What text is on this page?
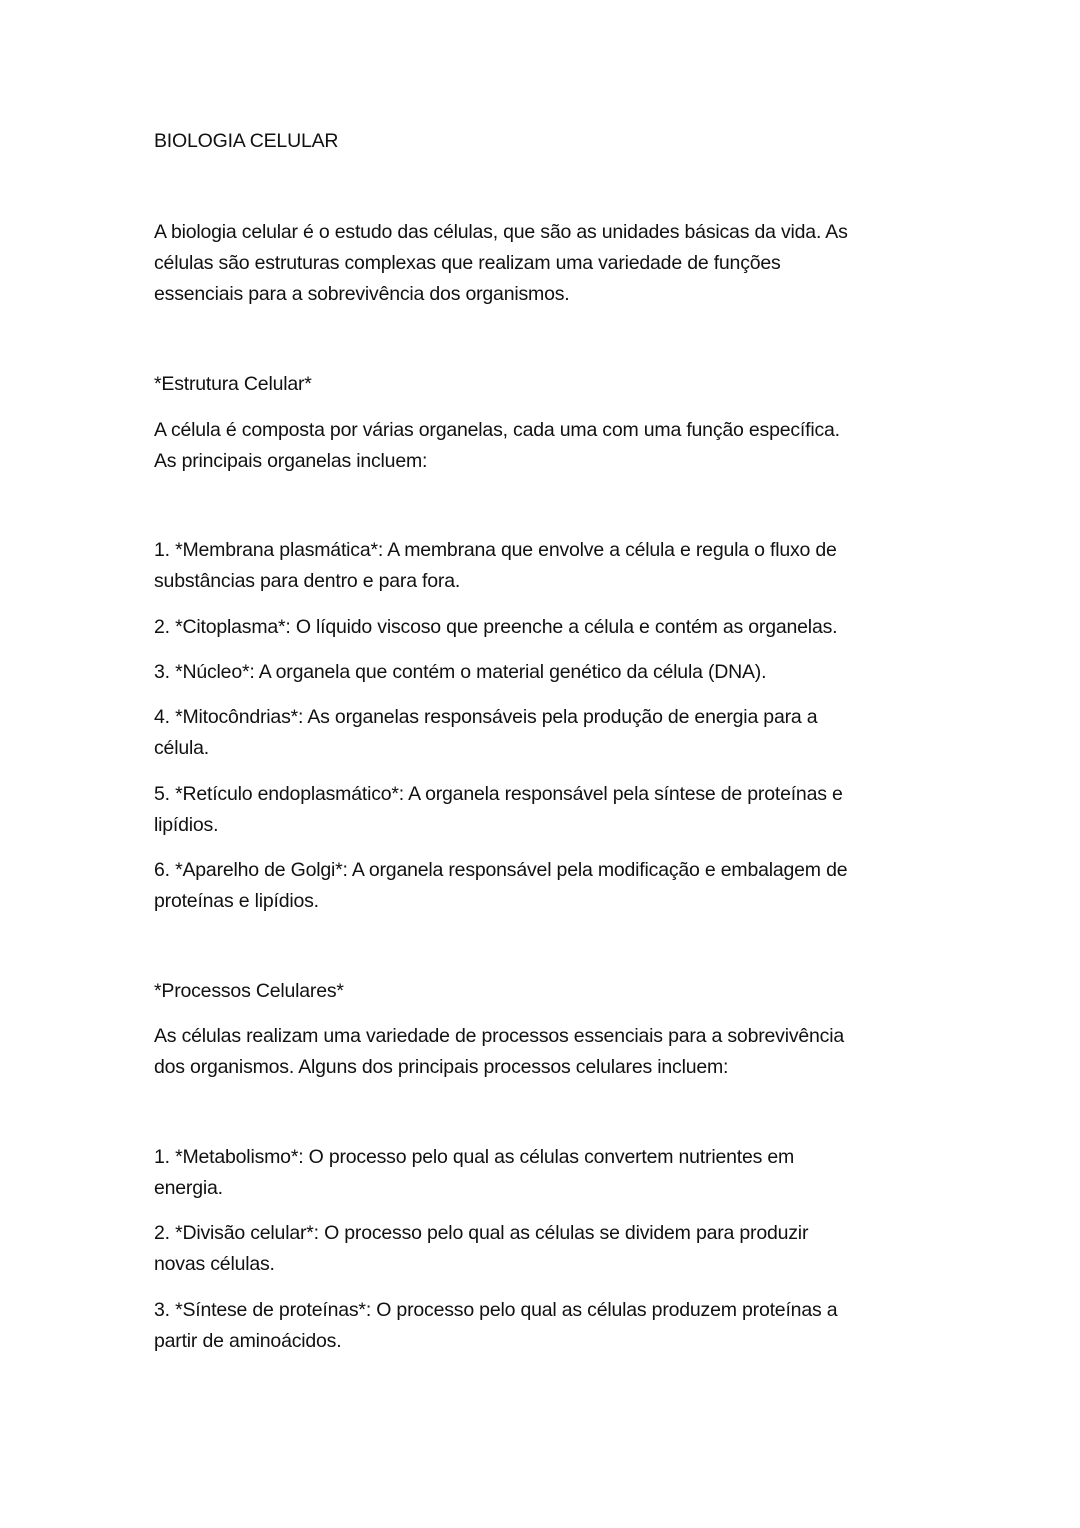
BIOLOGIA CELULAR
A biologia celular é o estudo das células, que são as unidades básicas da vida. As
células são estruturas complexas que realizam uma variedade de funções
essenciais para a sobrevivência dos organismos.
*Estrutura Celular*
A célula é composta por várias organelas, cada uma com uma função específica.
As principais organelas incluem:
1. *Membrana plasmática*: A membrana que envolve a célula e regula o fluxo de
substâncias para dentro e para fora.
2. *Citoplasma*: O líquido viscoso que preenche a célula e contém as organelas.
3. *Núcleo*: A organela que contém o material genético da célula (DNA).
4. *Mitocôndrias*: As organelas responsáveis pela produção de energia para a
célula.
5. *Retículo endoplasmático*: A organela responsável pela síntese de proteínas e
lipídios.
6. *Aparelho de Golgi*: A organela responsável pela modificação e embalagem de
proteínas e lipídios.
*Processos Celulares*
As células realizam uma variedade de processos essenciais para a sobrevivência
dos organismos. Alguns dos principais processos celulares incluem:
1. *Metabolismo*: O processo pelo qual as células convertem nutrientes em
energia.
2. *Divisão celular*: O processo pelo qual as células se dividem para produzir
novas células.
3. *Síntese de proteínas*: O processo pelo qual as células produzem proteínas a
partir de aminoácidos.
